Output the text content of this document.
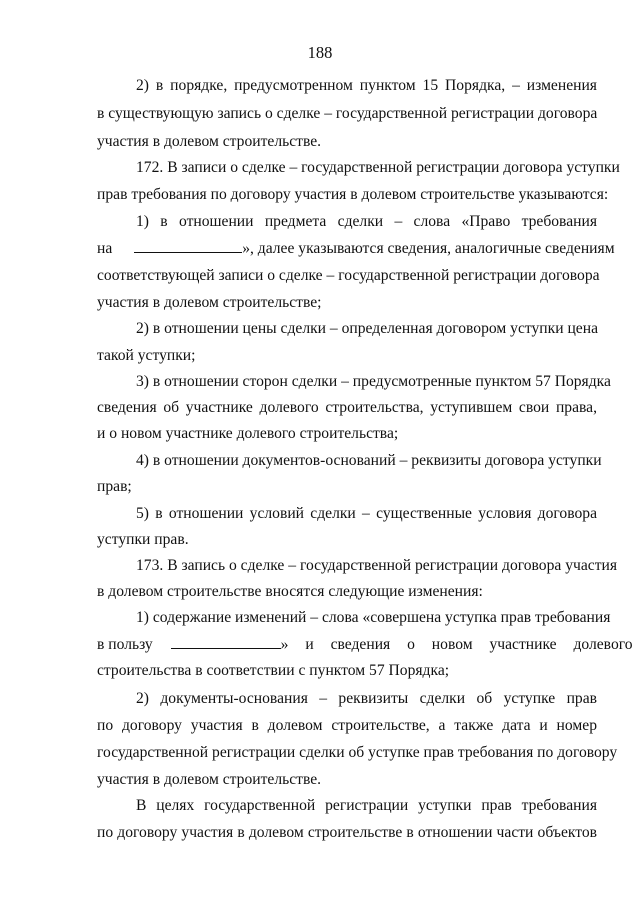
188
2) в порядке, предусмотренном пунктом 15 Порядка, – изменения
в существующую запись о сделке – государственной регистрации договора
участия в долевом строительстве.
172. В записи о сделке – государственной регистрации договора уступки
прав требования по договору участия в долевом строительстве указываются:
1) в отношении предмета сделки – слова «Право требования
на	», далее указываются сведения, аналогичные сведениям
соответствующей записи о сделке – государственной регистрации договора
участия в долевом строительстве;
2) в отношении цены сделки – определенная договором уступки цена
такой уступки;
3) в отношении сторон сделки – предусмотренные пунктом 57 Порядка
сведения об участнике долевого строительства, уступившем свои права,
и о новом участнике долевого строительства;
4) в отношении документов-оснований – реквизиты договора уступки
прав;
5) в отношении условий сделки – существенные условия договора
уступки прав.
173. В запись о сделке – государственной регистрации договора участия
в долевом строительстве вносятся следующие изменения:
1) содержание изменений – слова «совершена уступка прав требования
в пользу	» и сведения о новом участнике долевого
строительства в соответствии с пунктом 57 Порядка;
2) документы-основания – реквизиты сделки об уступке прав
по договору участия в долевом строительстве, а также дата и номер
государственной регистрации сделки об уступке прав требования по договору
участия в долевом строительстве.
В целях государственной регистрации уступки прав требования
по договору участия в долевом строительстве в отношении части объектов
